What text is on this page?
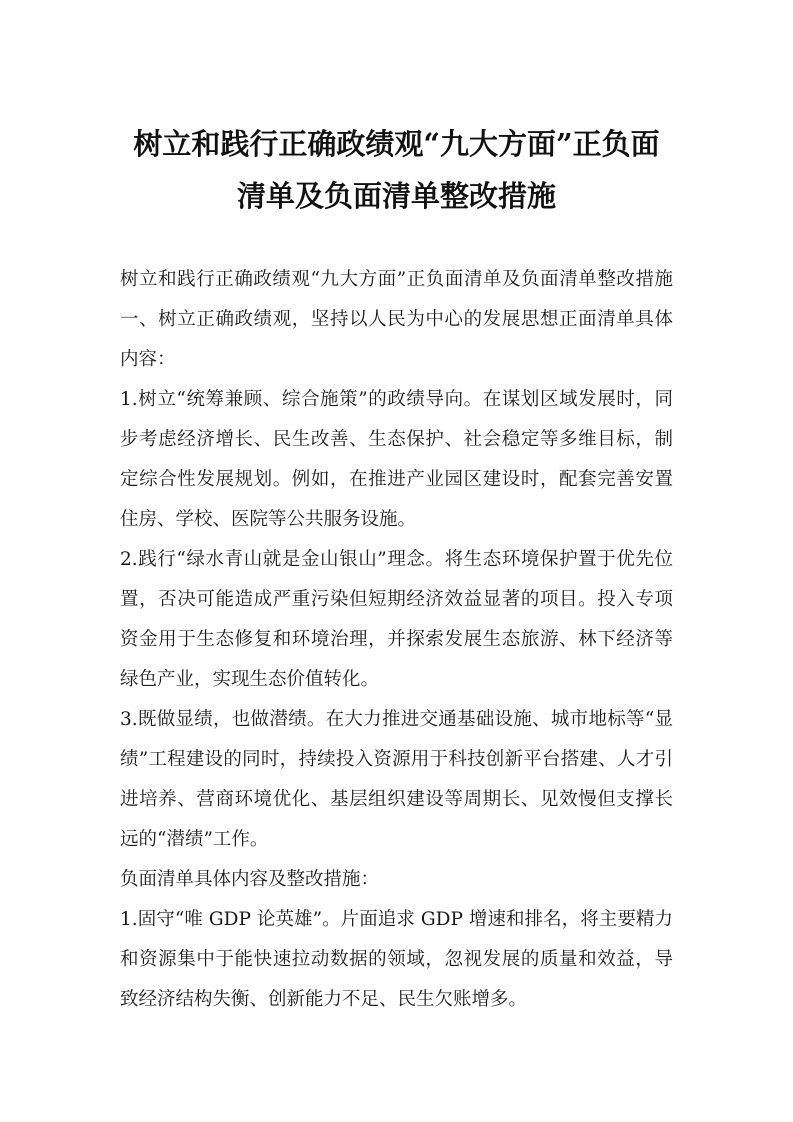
树立和践行正确政绩观“九大方面”正负面
清单及负面清单整改措施

树立和践行正确政绩观“九大方面”正负面清单及负面清单整改措施一、树立正确政绩观，坚持以人民为中心的发展思想正面清单具体内容：

1.树立“统筹兼顾、综合施策”的政绩导向。在谋划区域发展时，同步考虑经济增长、民生改善、生态保护、社会稳定等多维目标，制定综合性发展规划。例如，在推进产业园区建设时，配套完善安置住房、学校、医院等公共服务设施。

2.践行“绿水青山就是金山银山”理念。将生态环境保护置于优先位置，否决可能造成严重污染但短期经济效益显著的项目。投入专项资金用于生态修复和环境治理，并探索发展生态旅游、林下经济等绿色产业，实现生态价值转化。

3.既做显绩，也做潜绩。在大力推进交通基础设施、城市地标等“显绩”工程建设的同时，持续投入资源用于科技创新平台搭建、人才引进培养、营商环境优化、基层组织建设等周期长、见效慢但支撑长远的“潜绩”工作。

负面清单具体内容及整改措施：

1.固守“唯 GDP 论英雄”。片面追求 GDP 增速和排名，将主要精力和资源集中于能快速拉动数据的领域，忽视发展的质量和效益，导致经济结构失衡、创新能力不足、民生欠账增多。
